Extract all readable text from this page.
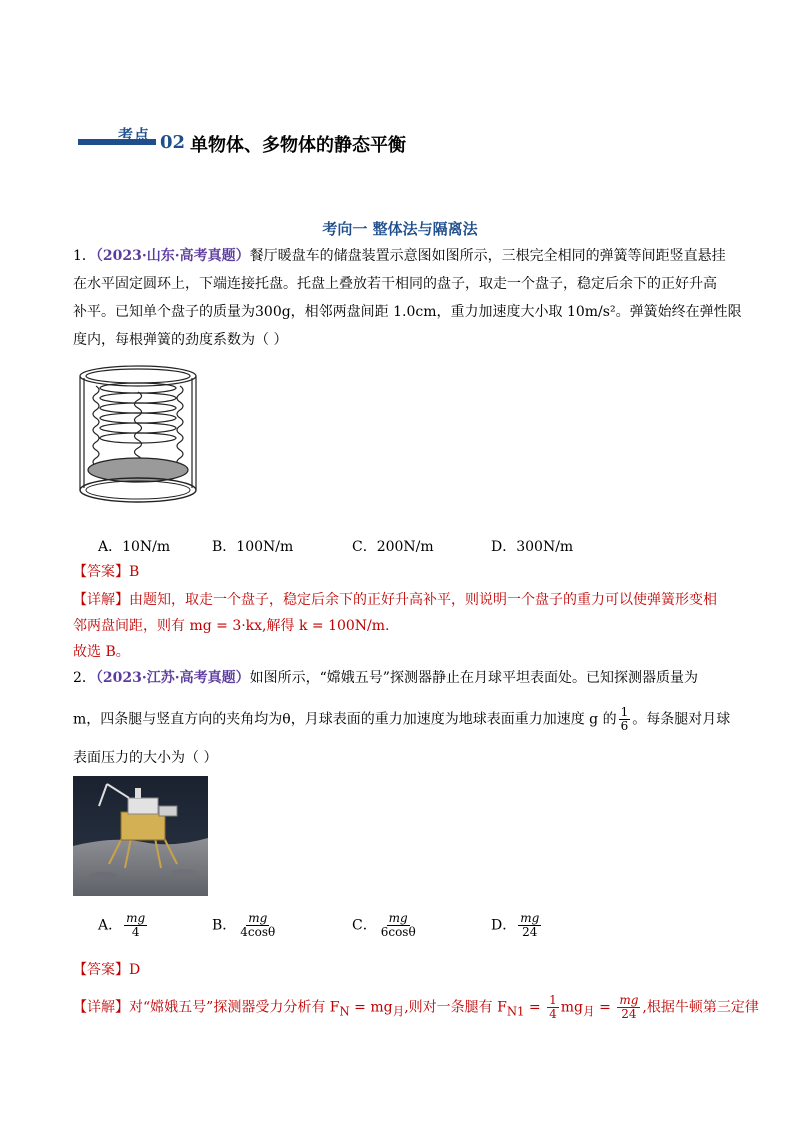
考点 02 单物体、多物体的静态平衡
考向一 整体法与隔离法
1．（2023·山东·高考真题）餐厅暖盘车的储盘装置示意图如图所示，三根完全相同的弹簧等间距竖直悬挂
在水平固定圆环上，下端连接托盘。托盘上叠放若干相同的盘子，取走一个盘子，稳定后余下的正好升高
补平。已知单个盘子的质量为300g，相邻两盘间距 1.0cm，重力加速度大小取 10m/s²。弹簧始终在弹性限
度内，每根弹簧的劲度系数为（ ）
A．10N/m	B．100N/m	C．200N/m	D．300N/m
【答案】B
【详解】由题知，取走一个盘子，稳定后余下的正好升高补平，则说明一个盘子的重力可以使弹簧形变相
邻两盘间距，则有 mg = 3·kx,解得 k = 100N/m.
故选 B。
2．（2023·江苏·高考真题）如图所示，“嫦娥五号”探测器静止在月球平坦表面处。已知探测器质量为
m，四条腿与竖直方向的夹角均为θ，月球表面的重力加速度为地球表面重力加速度 g 的 $\frac{1}{6}$ 。每条腿对月球
表面压力的大小为（ ）
A． $\frac{mg}{4}$	B． $\frac{mg}{4\cos\theta}$	C． $\frac{mg}{6\cos\theta}$	D． $\frac{mg}{24}$
【答案】D
【详解】对“嫦娥五号”探测器受力分析有 $F_N = mg_月$,则对一条腿有 $F_{N1} = \frac{1}{4} mg_月 = \frac{mg}{24}$ ,根据牛顿第三定律
